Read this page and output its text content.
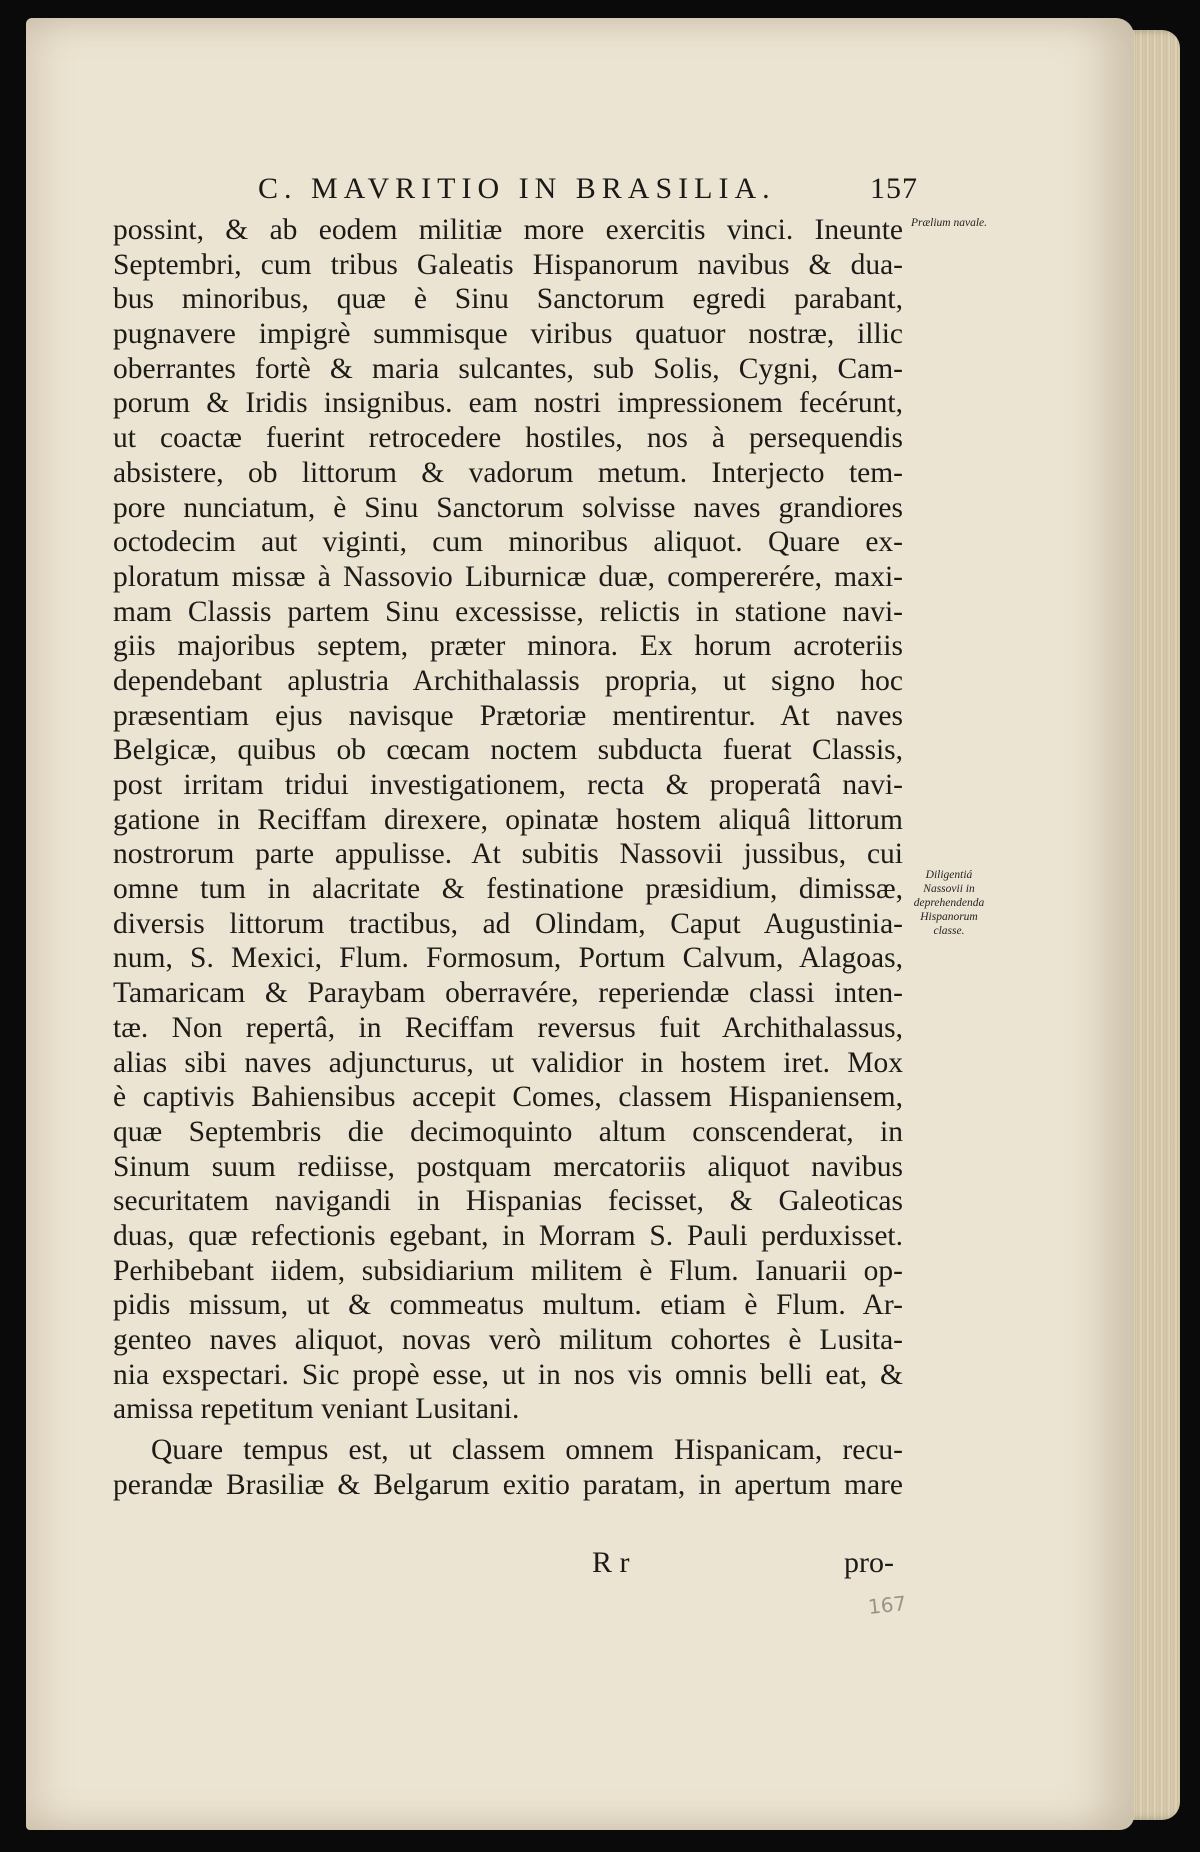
C. MAVRITIO IN BRASILIA.	157
possint, & ab eodem militiæ more exercitis vinci. Ineunte
Septembri, cum tribus Galeatis Hispanorum navibus & dua-
bus minoribus, quæ è Sinu Sanctorum egredi parabant,
pugnavere impigrè summisque viribus quatuor nostræ, illic
oberrantes fortè & maria sulcantes, sub Solis, Cygni, Cam-
porum & Iridis insignibus. eam nostri impressionem fecérunt,
ut coactæ fuerint retrocedere hostiles, nos à persequendis
absistere, ob littorum & vadorum metum. Interjecto tem-
pore nunciatum, è Sinu Sanctorum solvisse naves grandiores
octodecim aut viginti, cum minoribus aliquot. Quare ex-
ploratum missæ à Nassovio Liburnicæ duæ, compererére, maxi-
mam Classis partem Sinu excessisse, relictis in statione navi-
giis majoribus septem, præter minora. Ex horum acroteriis
dependebant aplustria Archithalassis propria, ut signo hoc
præsentiam ejus navisque Prætoriæ mentirentur. At naves
Belgicæ, quibus ob cœcam noctem subducta fuerat Classis,
post irritam tridui investigationem, recta & properatâ navi-
gatione in Reciffam direxere, opinatæ hostem aliquâ littorum
nostrorum parte appulisse. At subitis Nassovii jussibus, cui
omne tum in alacritate & festinatione præsidium, dimissæ,
diversis littorum tractibus, ad Olindam, Caput Augustinia-
num, S. Mexici, Flum. Formosum, Portum Calvum, Alagoas,
Tamaricam & Paraybam oberravére, reperiendæ classi inten-
tæ. Non repertâ, in Reciffam reversus fuit Archithalassus,
alias sibi naves adjuncturus, ut validior in hostem iret. Mox
è captivis Bahiensibus accepit Comes, classem Hispaniensem,
quæ Septembris die decimoquinto altum conscenderat, in
Sinum suum rediisse, postquam mercatoriis aliquot navibus
securitatem navigandi in Hispanias fecisset, & Galeoticas
duas, quæ refectionis egebant, in Morram S. Pauli perduxisset.
Perhibebant iidem, subsidiarium militem è Flum. Ianuarii op-
pidis missum, ut & commeatus multum. etiam è Flum. Ar-
genteo naves aliquot, novas verò militum cohortes è Lusita-
nia exspectari. Sic propè esse, ut in nos vis omnis belli eat, &
amissa repetitum veniant Lusitani.
Quare tempus est, ut classem omnem Hispanicam, recu-
perandæ Brasiliæ & Belgarum exitio paratam, in apertum mare
Prælium navale.
Diligentiá Nassovii in deprehendenda Hispanorum classe.
R r	pro-
167
